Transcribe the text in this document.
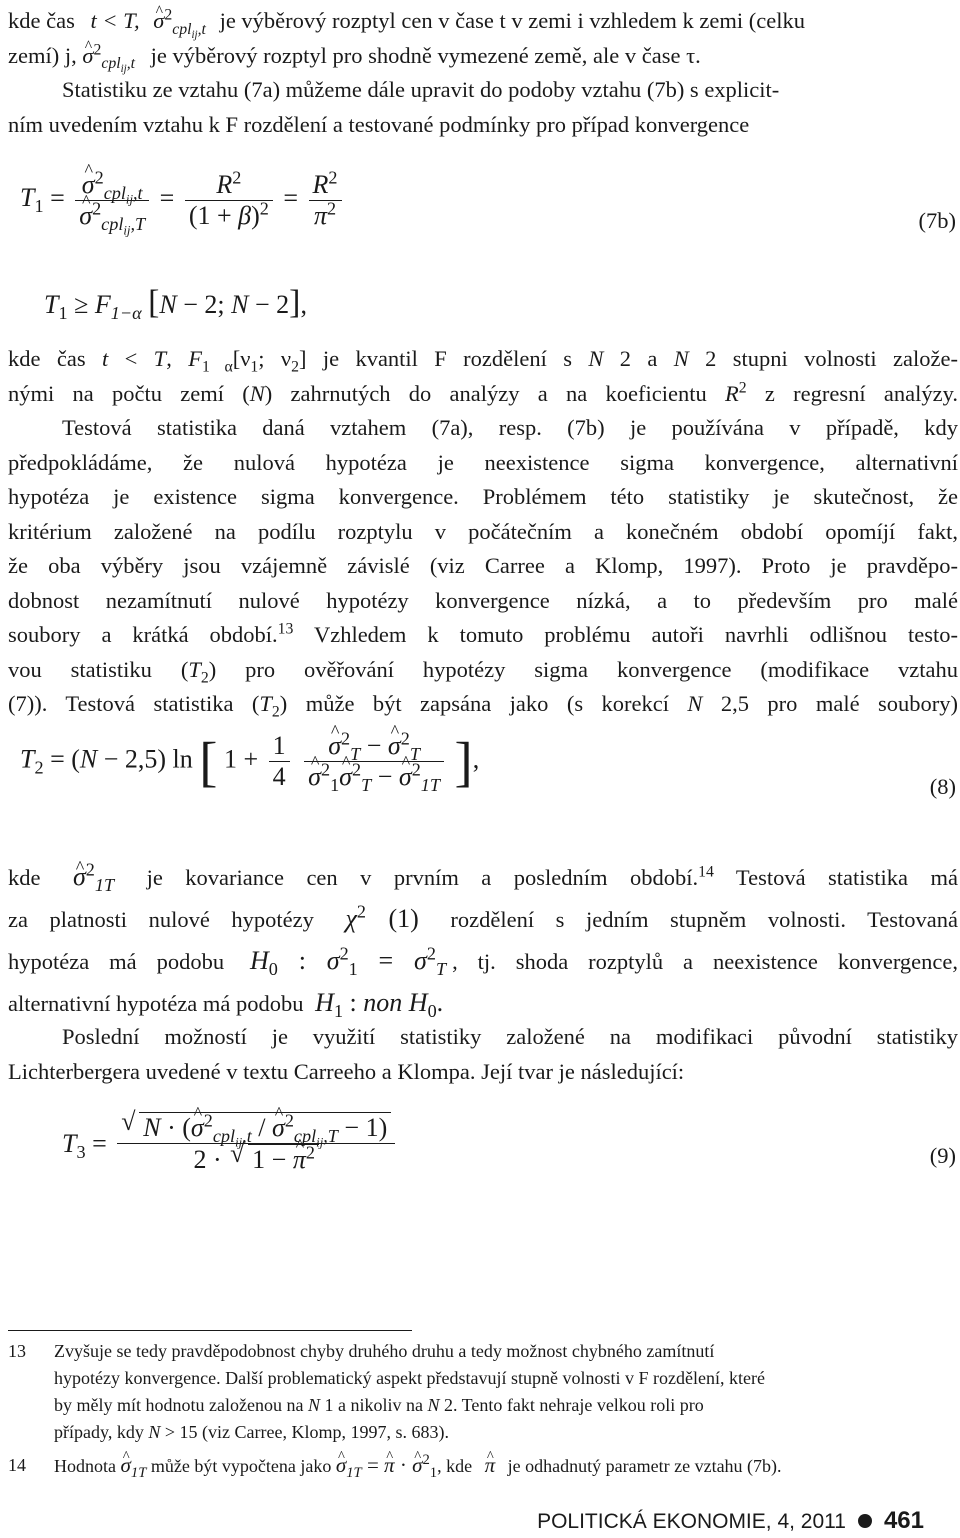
kde čas t < T, ^ $\sigma^2_{cpl_{ij},t}$ je výběrový rozptyl cen v čase t v zemi i vzhledem k zemi (celku
zemí) j, ^ $\sigma^2_{cpl_{ij},t}$ je výběrový rozptyl pro shodně vymezené země, ale v čase τ.
Statistiku ze vztahu (7a) můžeme dále upravit do podoby vztahu (7b) s explicit-
ním uvedením vztahu k F rozdělení a testované podmínky pro případ konvergence
$T_1$ = ^ $\sigma^2_{cpl_{ij},t}$
^ $\sigma^2_{cpl_{ij},T} = \frac{R^2}{(1 + \beta)^2} = \frac{R^2}{\pi^2}$	(7b)
$T_1 \ge F_{1-\alpha}$ [N − 2; N − 2],
kde čas t < T, $F_{1 \alpha}[\nu_1$; $\nu_2$] je kvantil F rozdělení s N 2 a N 2 stupni volnosti založe-
nými na počtu zemí (N) zahrnutých do analýzy a na koeficientu $R^2$ z regresní analýzy.
Testová statistika daná vztahem (7a), resp. (7b) je používána v případě, kdy
předpokládáme, že nulová hypotéza je neexistence sigma konvergence, alternativní
hypotéza je existence sigma konvergence. Problémem této statistiky je skutečnost, že
kritérium založené na podílu rozptylu v počátečním a konečném období opomíjí fakt,
že oba výběry jsou vzájemně závislé (viz Carree a Klomp, 1997). Proto je pravděpo-
dobnost nezamítnutí nulové hypotézy konvergence nízká, a to především pro malé
soubory a krátká období.$^{13}$ Vzhledem k tomuto problému autoři navrhli odlišnou testo-
vou statistiku $(T_2)$ pro ověřování hypotézy sigma konvergence (modifikace vztahu
(7)). Testová statistika $(T_2)$ může být zapsána jako (s korekcí N 2,5 pro malé soubory)
$T_2 = (N - 2,5)$ ln [ $1 + \frac{1}{4}$
^ $\sigma^2_T$ − ^ $\sigma^2_T$
^ $\sigma^2_1\^{}$ $\sigma^2_T$ − ^ $\sigma^2_{1T}$ ],
(8)
kde ^ $\sigma^2_{1T}$ je kovariance cen v prvním a posledním období.$^{14}$ Testová statistika má
za platnosti nulové hypotézy $\chi^2$ (1) rozdělení s jedním stupněm volnosti. Testovaná
hypotéza má podobu $H_0$ : $\sigma^2_1 = \sigma^2_T$ , tj. shoda rozptylů a neexistence konvergence,
alternativní hypotéza má podobu $H_1$ : non $H_0$.
Poslední možností je využití statistiky založené na modifikaci původní statistiky
Lichterbergera uvedené v textu Carreeho a Klompa. Její tvar je následující:
$T_3$ = √ $\frac{N \cdot (\^{} \sigma^2_{cpl_{ij},t} / \^{} \sigma^2_{cpl_{ij},T} - 1)}{2 \cdot √ 1 - \^{} \pi^2}$	(9)
13 Zvyšuje se tedy pravděpodobnost chyby druhého druhu a tedy možnost chybného zamítnutí
hypotézy konvergence. Další problematický aspekt představují stupně volnosti v F rozdělení, které
by měly mít hodnotu založenou na N 1 a nikoliv na N 2. Tento fakt nehraje velkou roli pro
případy, kdy N > 15 (viz Carree, Klomp, 1997, s. 683).
14 Hodnota ^ $\sigma_{1T}$ může být vypočtena jako ^ $\sigma_{1T}$ = ^ π · ^ $\sigma^2_1$, kde ^ π je odhadnutý parametr ze vztahu (7b).
POLITICKÁ EKONOMIE, 4, 2011 461
